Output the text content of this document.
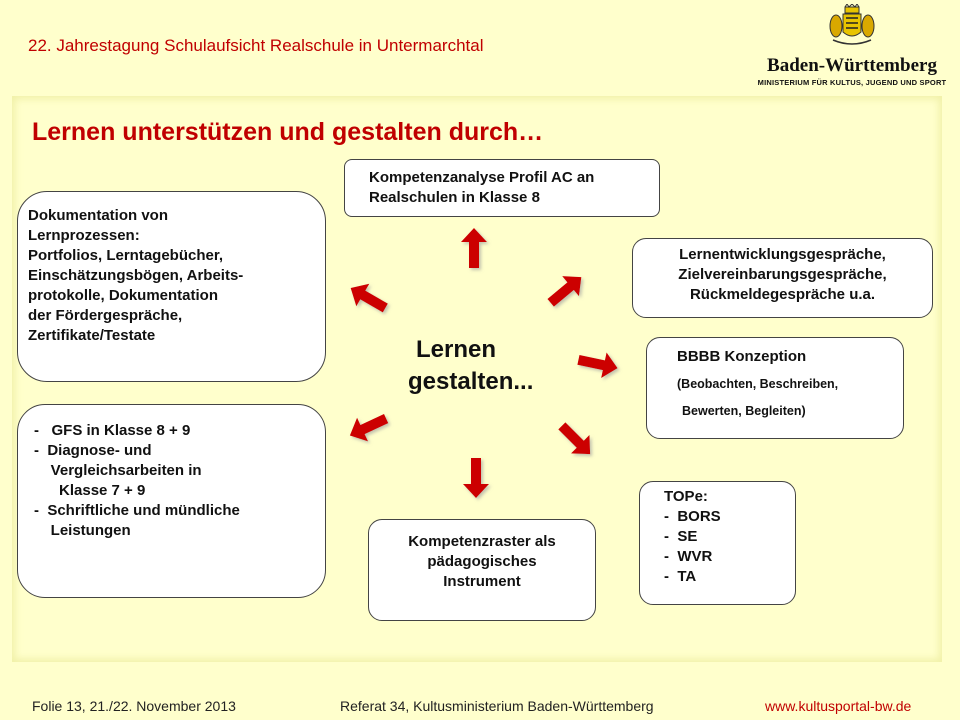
22. Jahrestagung Schulaufsicht Realschule in Untermarchtal
Baden-Württemberg
MINISTERIUM FÜR KULTUS, JUGEND UND SPORT
Lernen unterstützen und gestalten durch…
Kompetenzanalyse Profil AC an
Realschulen in Klasse 8
Lernentwicklungsgespräche,
Zielvereinbarungsgespräche,
Rückmeldegespräche u.a.
BBBB Konzeption
(Beobachten, Beschreiben,
Bewerten, Begleiten)
TOPe:
-  BORS
-  SE
-  WVR
-  TA
Kompetenzraster als
pädagogisches
Instrument
-   GFS in Klasse 8 + 9
-  Diagnose- und
Vergleichsarbeiten in
Klasse 7 + 9
-  Schriftliche und mündliche
Leistungen
Dokumentation von
Lernprozessen:
Portfolios, Lerntagebücher,
Einschätzungsbögen, Arbeits-
protokolle, Dokumentation
der Fördergespräche,
Zertifikate/Testate
Lernen
gestalten...
Folie 13, 21./22. November 2013	Referat 34, Kultusministerium Baden-Württemberg	www.kultusportal-bw.de
